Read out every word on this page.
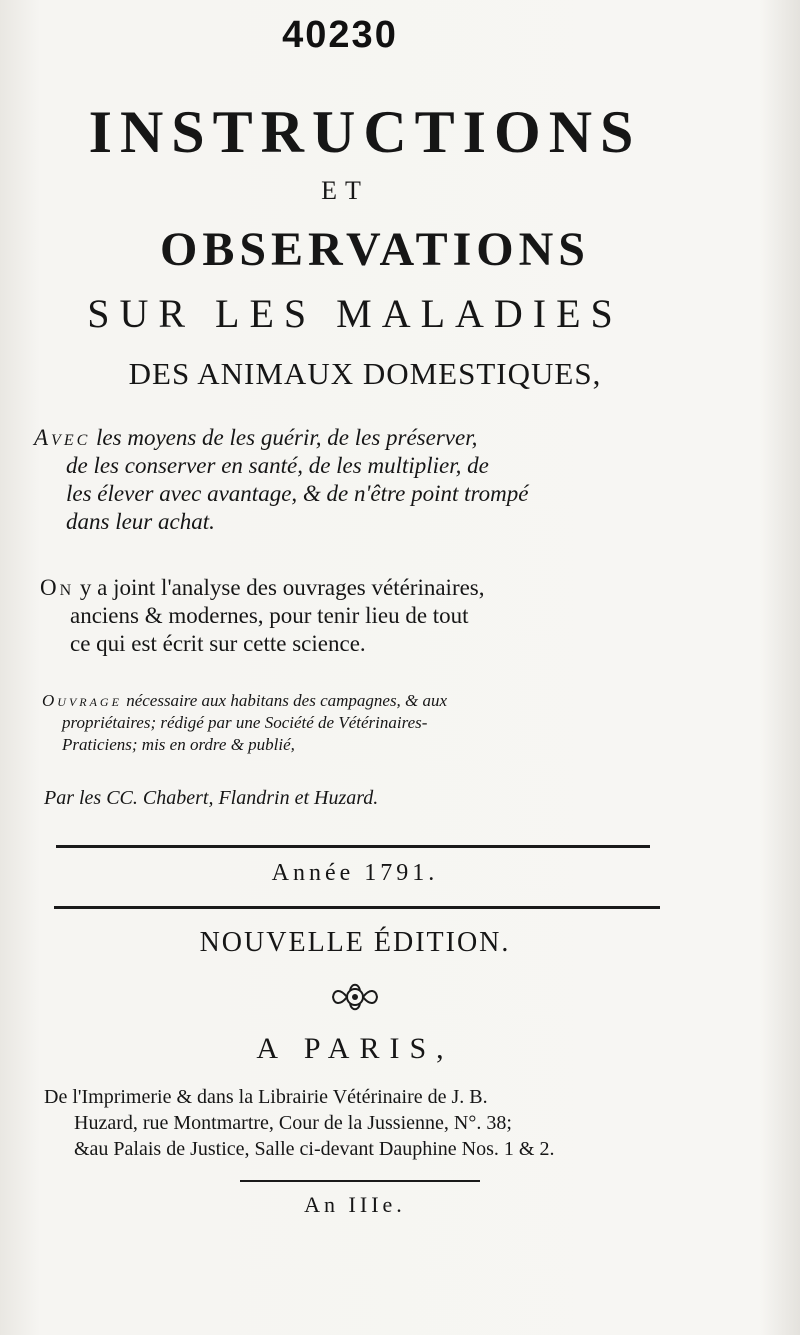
40230
INSTRUCTIONS
ET
OBSERVATIONS
SUR LES MALADIES
DES ANIMAUX DOMESTIQUES,
Avec les moyens de les guérir, de les préserver,
de les conserver en santé, de les multiplier, de
les élever avec avantage, & de n'être point trompé
dans leur achat.
On y a joint l'analyse des ouvrages vétérinaires,
anciens & modernes, pour tenir lieu de tout
ce qui est écrit sur cette science.
Ouvrage nécessaire aux habitans des campagnes, & aux
propriétaires; rédigé par une Société de Vétérinaires-
Praticiens; mis en ordre & publié,
Par les CC. Chabert, Flandrin et Huzard.
Année 1791.
NOUVELLE ÉDITION.
A PARIS,
De l'Imprimerie & dans la Librairie Vétérinaire de J. B.
Huzard, rue Montmartre, Cour de la Jussienne, N°. 38;
&au Palais de Justice, Salle ci-devant Dauphine Nos. 1 & 2.
An IIIe.
